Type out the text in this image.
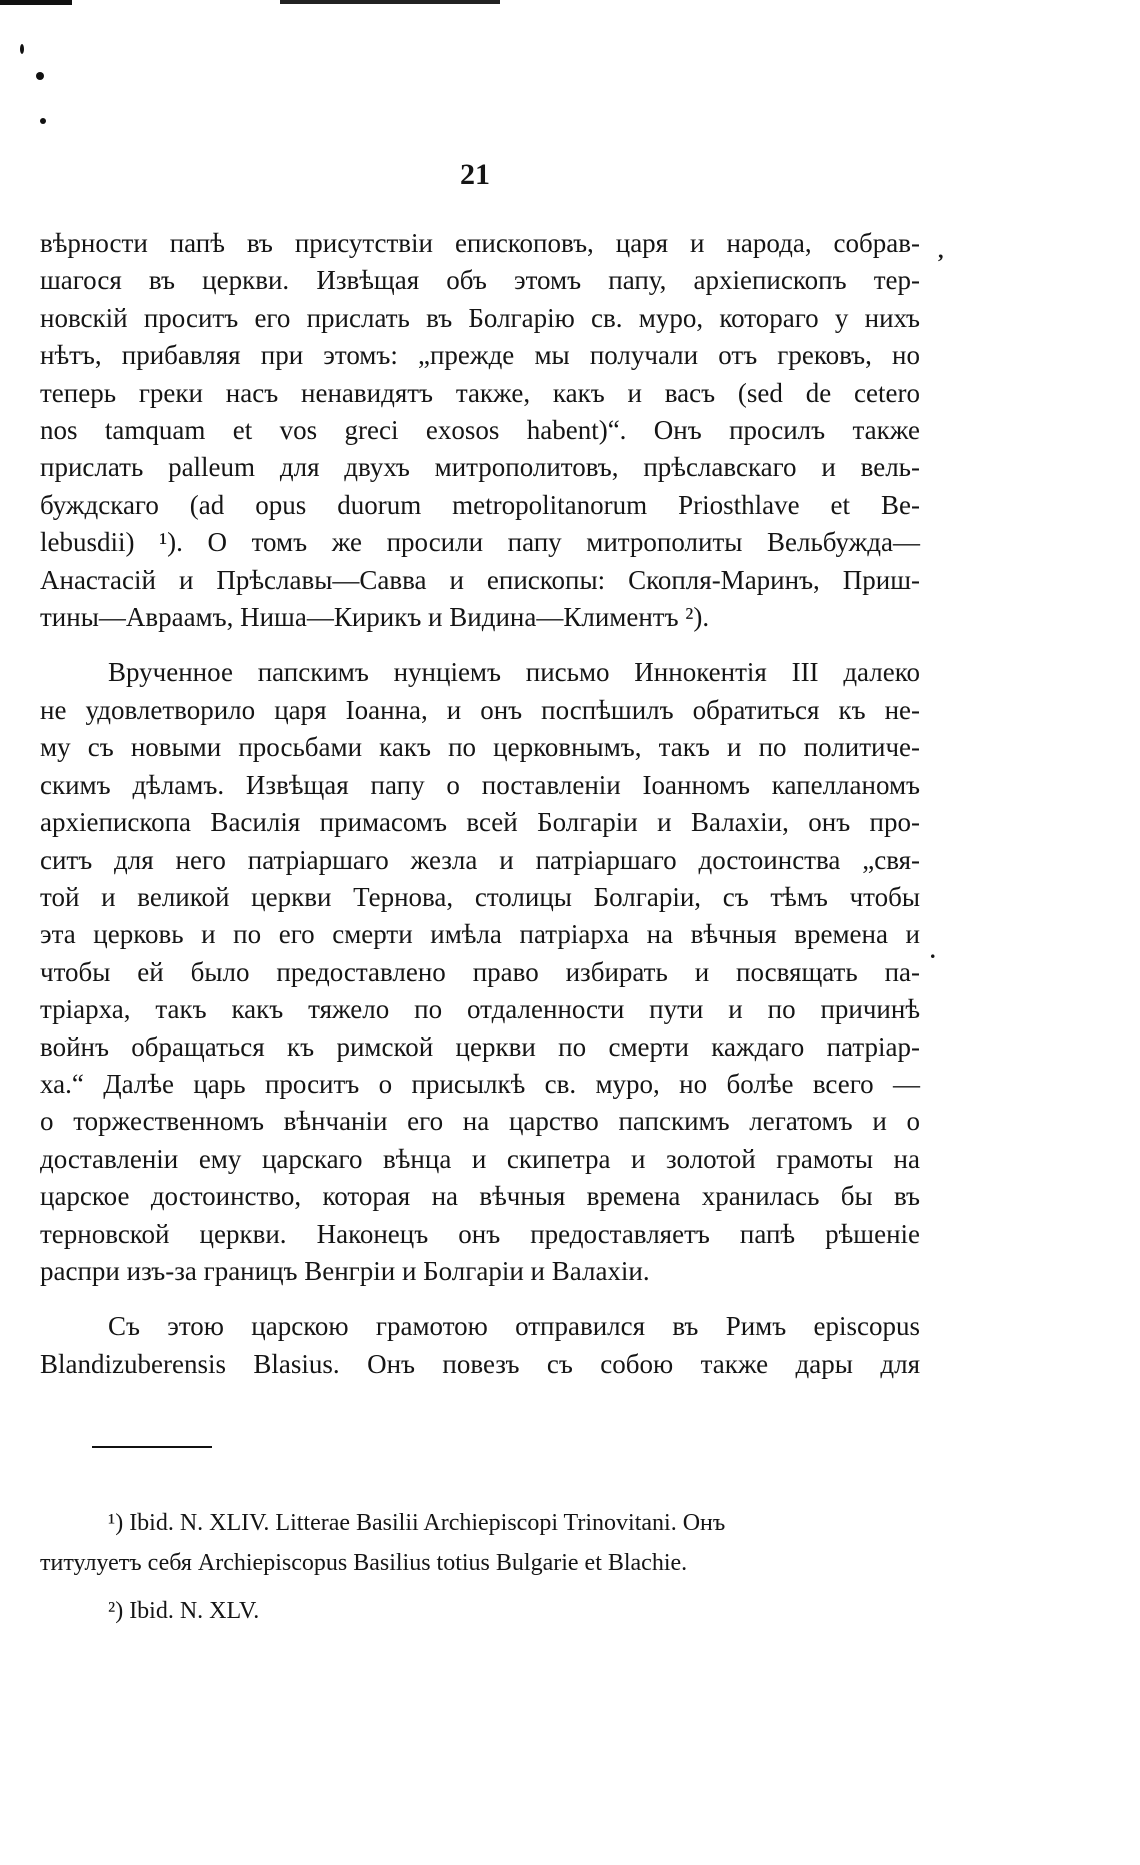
21

вѣрности папѣ въ присутствіи епископовъ, царя и народа, собрав-
шагося въ церкви. Извѣщая объ этомъ папу, архіепископъ тер-
новскій проситъ его прислать въ Болгарію св. муро, котораго у нихъ
нѣтъ, прибавляя при этомъ: „прежде мы получали отъ грековъ, но
теперь греки насъ ненавидятъ также, какъ и васъ (sed de cetero
nos tamquam et vos greci exosos habent)“. Онъ просилъ также
прислать palleum для двухъ митрополитовъ, прѣславскаго и вель-
буждскаго (ad opus duorum metropolitanorum Priosthlave et Be-
lebusdii) ¹). О томъ же просили папу митрополиты Вельбужда—
Анастасій и Прѣславы—Савва и епископы: Скопля-Маринъ, Приш-
тины—Авраамъ, Ниша—Кирикъ и Видина—Климентъ ²).

Врученное папскимъ нунціемъ письмо Иннокентія III далеко
не удовлетворило царя Іоанна, и онъ поспѣшилъ обратиться къ не-
му съ новыми просьбами какъ по церковнымъ, такъ и по политиче-
скимъ дѣламъ. Извѣщая папу о поставленіи Іоанномъ капелланомъ
архіепископа Василія примасомъ всей Болгаріи и Валахіи, онъ про-
ситъ для него патріаршаго жезла и патріаршаго достоинства „свя-
той и великой церкви Тернова, столицы Болгаріи, съ тѣмъ чтобы
эта церковь и по его смерти имѣла патріарха на вѣчныя времена и
чтобы ей было предоставлено право избирать и посвящать па-
тріарха, такъ какъ тяжело по отдаленности пути и по причинѣ
войнъ обращаться къ римской церкви по смерти каждаго патріар-
ха.“ Далѣе царь проситъ о присылкѣ св. муро, но болѣе всего —
о торжественномъ вѣнчаніи его на царство папскимъ легатомъ и о
доставленіи ему царскаго вѣнца и скипетра и золотой грамоты на
царское достоинство, которая на вѣчныя времена хранилась бы въ
терновской церкви. Наконецъ онъ предоставляетъ папѣ рѣшеніе
распри изъ-за границъ Венгріи и Болгаріи и Валахіи.

Съ этою царскою грамотою отправился въ Римъ episcopus
Blandizuberensis Blasius. Онъ повезъ съ собою также дары для

,
.
¹) Ibid. N. XLIV. Litterae Basilii Archiepiscopi Trinovitani. Онъ
титулуетъ себя Archiepiscopus Basilius totius Bulgarie et Blachie.
²) Ibid. N. XLV.
